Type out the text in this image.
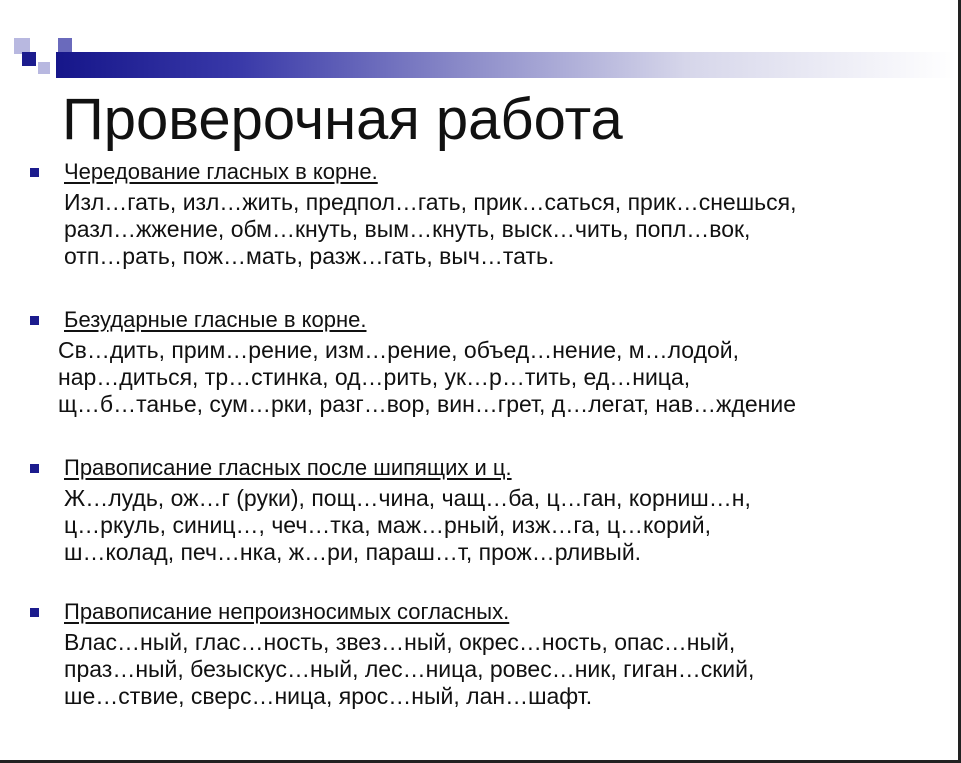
Проверочная работа
Чередование гласных в корне.
Изл…гать, изл…жить, предпол…гать, прик…саться, прик…снешься,
разл…жжение, обм…кнуть, вым…кнуть, выск…чить, попл…вок,
отп…рать, пож…мать, разж…гать, выч…тать.
Безударные гласные в корне.
Св…дить, прим…рение, изм…рение, объед…нение, м…лодой,
нар…диться, тр…стинка, од…рить, ук…р…тить, ед…ница,
щ…б…танье, сум…рки, разг…вор, вин…грет, д…легат, нав…ждение
Правописание гласных после шипящих и ц.
Ж…лудь, ож…г (руки), пощ…чина, чащ…ба, ц…ган, корниш…н,
ц…ркуль, синиц…, чеч…тка, маж…рный, изж…га, ц…корий,
ш…колад, печ…нка, ж…ри, параш…т, прож…рливый.
Правописание непроизносимых согласных.
Влас…ный, глас…ность, звез…ный, окрес…ность, опас…ный,
праз…ный, безыскус…ный, лес…ница, ровес…ник, гиган…ский,
ше…ствие, сверс…ница, ярос…ный, лан…шафт.
